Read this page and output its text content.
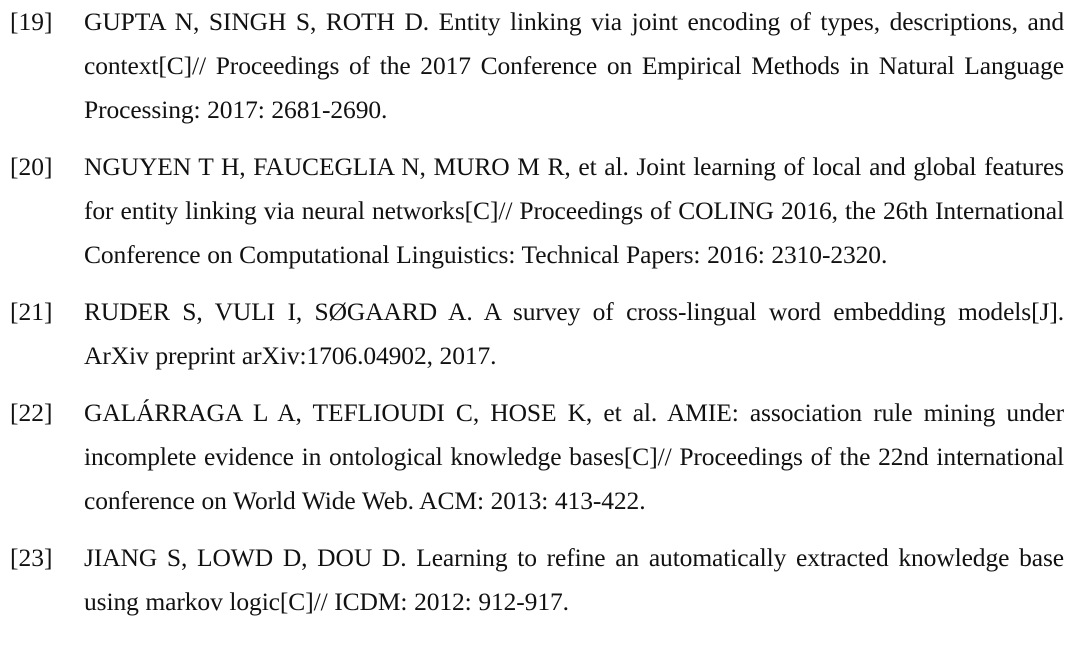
[19]	GUPTA N, SINGH S, ROTH D. Entity linking via joint encoding of types, descriptions, and context[C]// Proceedings of the 2017 Conference on Empirical Methods in Natural Language Processing: 2017: 2681-2690.
[20]	NGUYEN T H, FAUCEGLIA N, MURO M R, et al. Joint learning of local and global features for entity linking via neural networks[C]// Proceedings of COLING 2016, the 26th International Conference on Computational Linguistics: Technical Papers: 2016: 2310-2320.
[21]	RUDER S, VULI I, SØGAARD A. A survey of cross-lingual word embedding models[J]. ArXiv preprint arXiv:1706.04902, 2017.
[22]	GALÁRRAGA L A, TEFLIOUDI C, HOSE K, et al. AMIE: association rule mining under incomplete evidence in ontological knowledge bases[C]// Proceedings of the 22nd international conference on World Wide Web. ACM: 2013: 413-422.
[23]	JIANG S, LOWD D, DOU D. Learning to refine an automatically extracted knowledge base using markov logic[C]// ICDM: 2012: 912-917.
